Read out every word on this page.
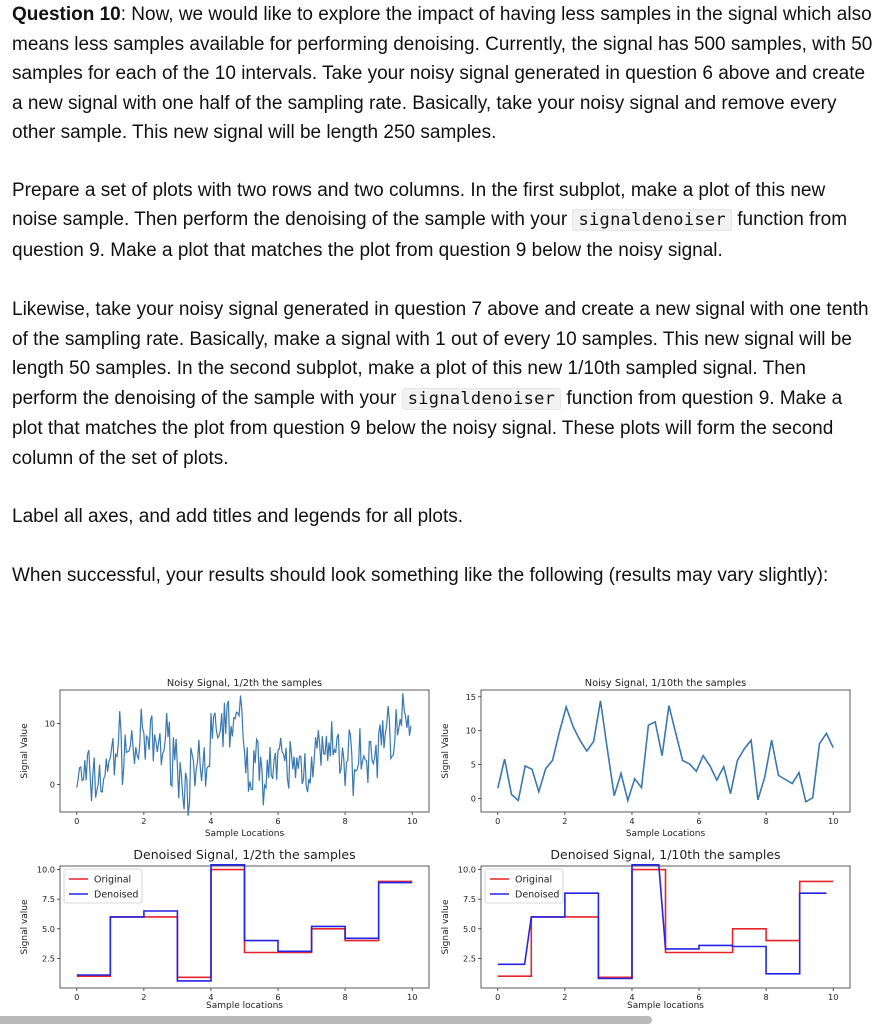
Question 10: Now, we would like to explore the impact of having less samples in the signal which also means less samples available for performing denoising. Currently, the signal has 500 samples, with 50 samples for each of the 10 intervals. Take your noisy signal generated in question 6 above and create a new signal with one half of the sampling rate. Basically, take your noisy signal and remove every other sample. This new signal will be length 250 samples.

Prepare a set of plots with two rows and two columns. In the first subplot, make a plot of this new noise sample. Then perform the denoising of the sample with your signaldenoiser function from question 9. Make a plot that matches the plot from question 9 below the noisy signal.

Likewise, take your noisy signal generated in question 7 above and create a new signal with one tenth of the sampling rate. Basically, make a signal with 1 out of every 10 samples. This new signal will be length 50 samples. In the second subplot, make a plot of this new 1/10th sampled signal. Then perform the denoising of the sample with your signaldenoiser function from question 9. Make a plot that matches the plot from question 9 below the noisy signal. These plots will form the second column of the set of plots.

Label all axes, and add titles and legends for all plots.

When successful, your results should look something like the following (results may vary slightly):

Noisy Signal, 1/2th the samples
Sample Locations
Signal Value
0	2	4	6	8	10
0
10
Noisy Signal, 1/10th the samples
Sample Locations
Signal Value
0	2	4	6	8	10
0
5
10
15
Denoised Signal, 1/2th the samples
Sample locations
Signal value
0	2	4	6	8	10
2.5
5.0
7.5
10.0
Original
Denoised
Denoised Signal, 1/10th the samples
Sample locations
Signal value
0	2	4	6	8	10
2.5
5.0
7.5
10.0
Original
Denoised
